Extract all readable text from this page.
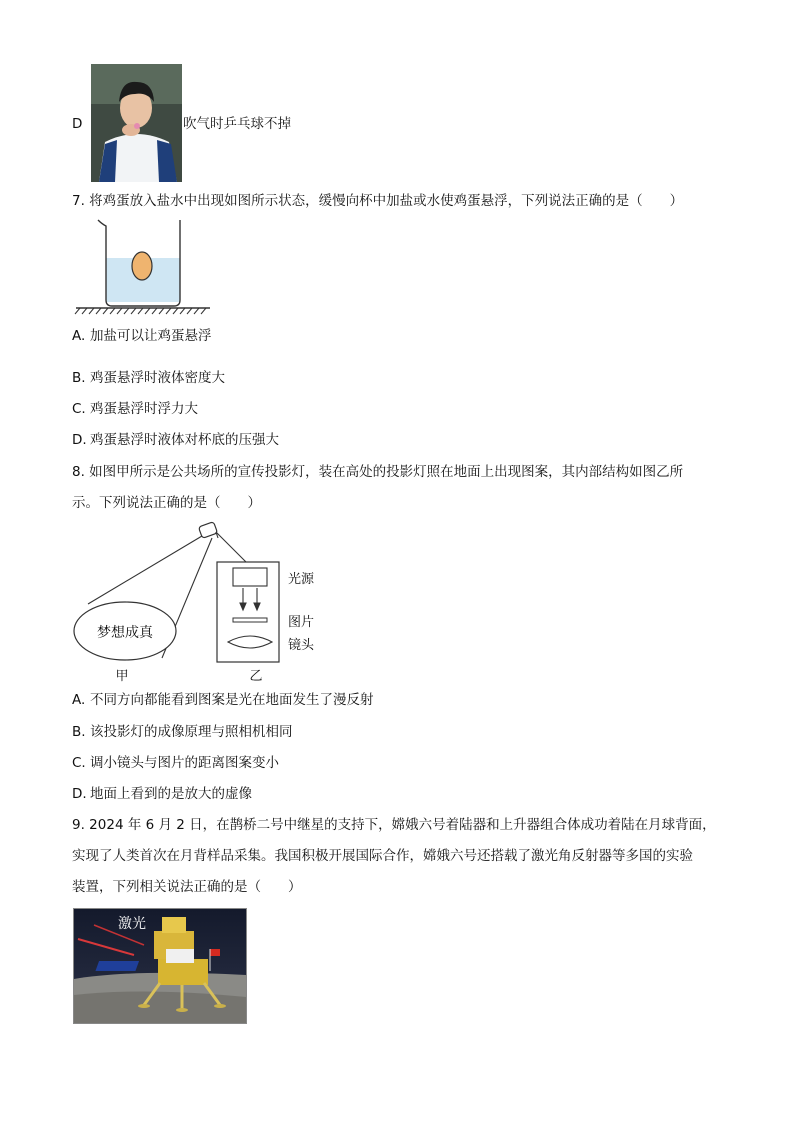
D	吹气时乒乓球不掉
7. 将鸡蛋放入盐水中出现如图所示状态，缓慢向杯中加盐或水使鸡蛋悬浮，下列说法正确的是（　　）
A. 加盐可以让鸡蛋悬浮
B. 鸡蛋悬浮时液体密度大
C. 鸡蛋悬浮时浮力大
D. 鸡蛋悬浮时液体对杯底的压强大
8. 如图甲所示是公共场所的宣传投影灯，装在高处的投影灯照在地面上出现图案，其内部结构如图乙所
示。下列说法正确的是（　　）
梦想成真
甲	乙
光源
图片
镜头
A. 不同方向都能看到图案是光在地面发生了漫反射
B. 该投影灯的成像原理与照相机相同
C. 调小镜头与图片的距离图案变小
D. 地面上看到的是放大的虚像
9. 2024 年 6 月 2 日，在鹊桥二号中继星的支持下，嫦娥六号着陆器和上升器组合体成功着陆在月球背面，
实现了人类首次在月背样品采集。我国积极开展国际合作，嫦娥六号还搭载了激光角反射器等多国的实验
装置，下列相关说法正确的是（　　）
激光
